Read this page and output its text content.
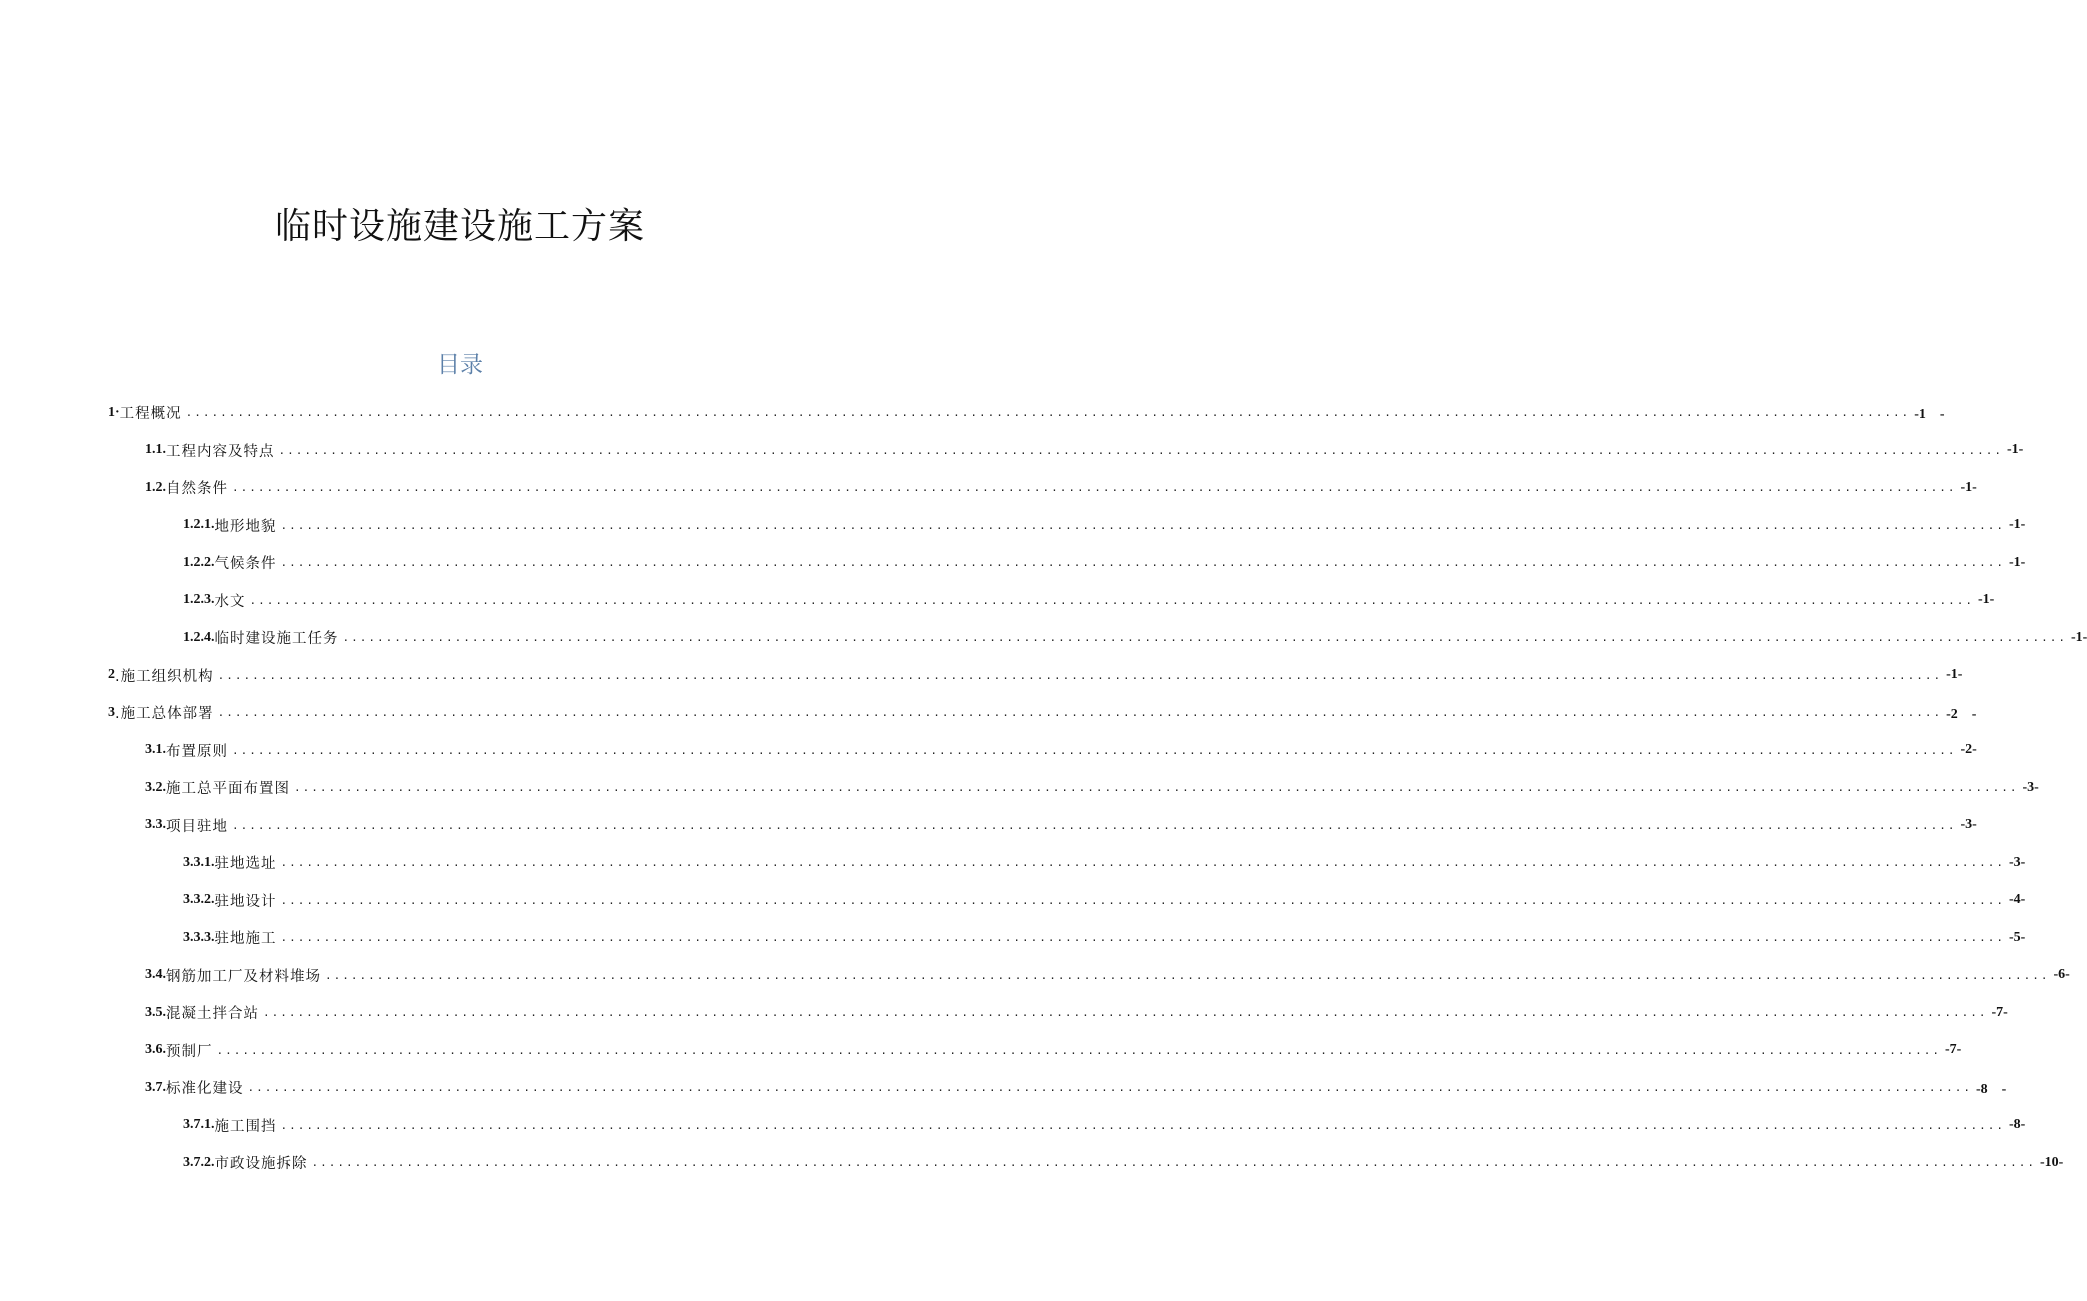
临时设施建设施工方案
目录
1· 工程概况 ........................................................................................................................................................................................................ -1　-
1.1. 工程内容及特点 ........................................................................................................................................................................................................ -1-
1.2. 自然条件 ........................................................................................................................................................................................................ -1-
1.2.1. 地形地貌 ........................................................................................................................................................................................................ -1-
1.2.2. 气候条件 ........................................................................................................................................................................................................ -1-
1.2.3. 水文 ........................................................................................................................................................................................................ -1-
1.2.4. 临时建设施工任务 ........................................................................................................................................................................................................ -1-
2 .施工组织机构 ........................................................................................................................................................................................................ -1-
3 .施工总体部署 ........................................................................................................................................................................................................ -2　-
3.1. 布置原则 ........................................................................................................................................................................................................ -2-
3.2. 施工总平面布置图 ........................................................................................................................................................................................................ -3-
3.3. 项目驻地 ........................................................................................................................................................................................................ -3-
3.3.1. 驻地选址 ........................................................................................................................................................................................................ -3-
3.3.2. 驻地设计 ........................................................................................................................................................................................................ -4-
3.3.3. 驻地施工 ........................................................................................................................................................................................................ -5-
3.4. 钢筋加工厂及材料堆场 ........................................................................................................................................................................................................ -6-
3.5. 混凝土拌合站 ........................................................................................................................................................................................................ -7-
3.6. 预制厂 ........................................................................................................................................................................................................ -7-
3.7. 标准化建设 ........................................................................................................................................................................................................ -8　-
3.7.1. 施工围挡 ........................................................................................................................................................................................................ -8-
3.7.2. 市政设施拆除 ........................................................................................................................................................................................................ -10-
